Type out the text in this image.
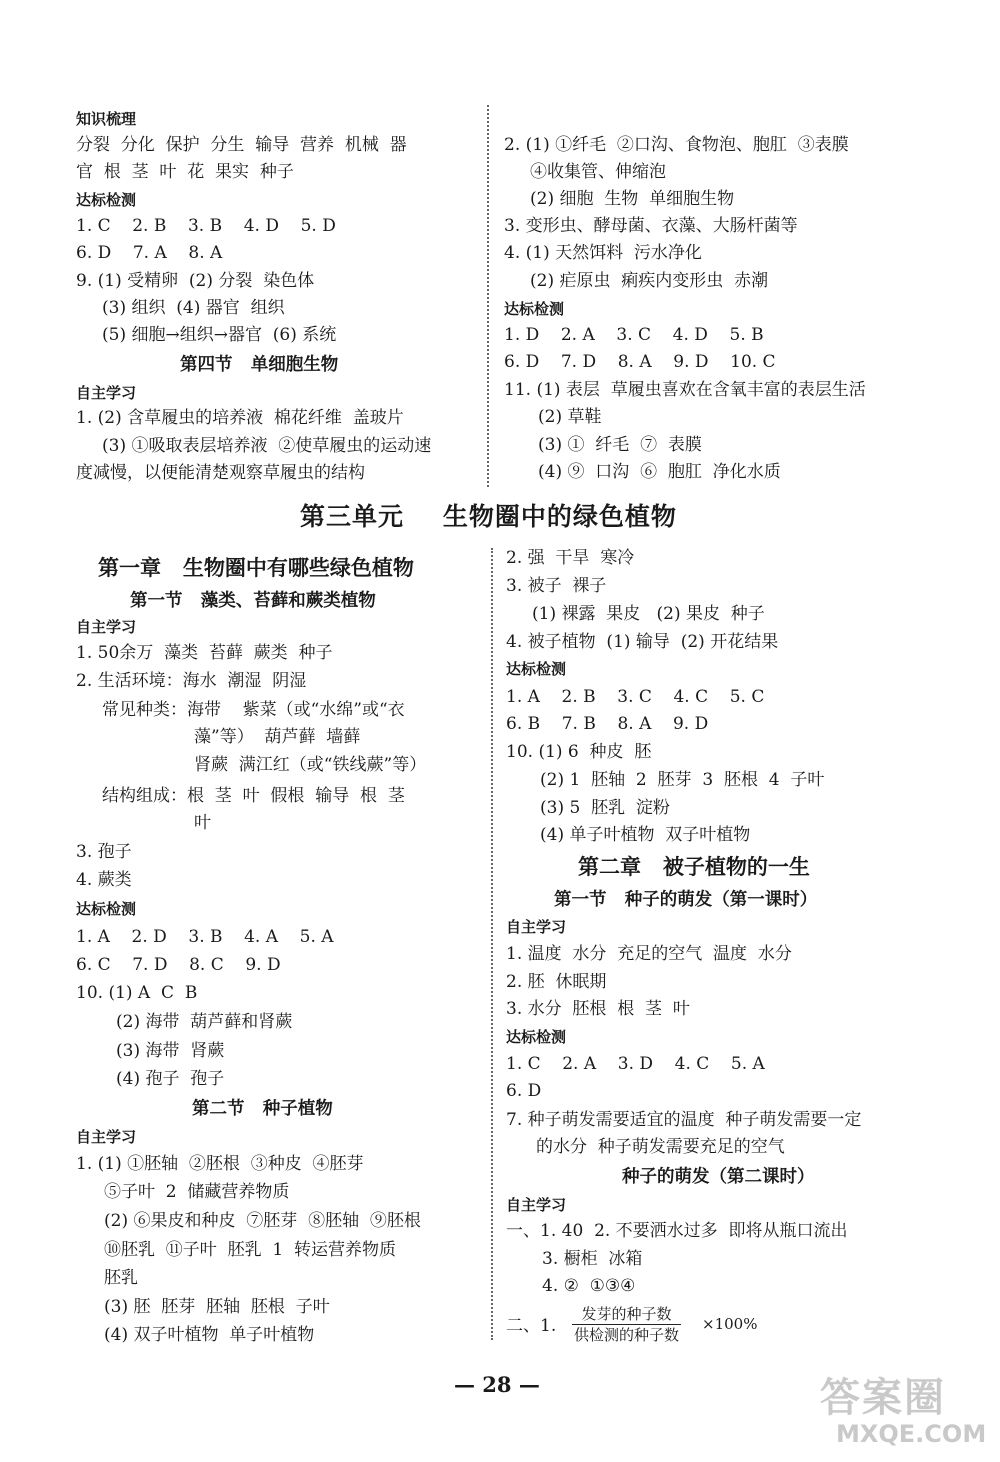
知识梳理
分裂  分化  保护  分生  输导  营养  机械  器
官  根  茎  叶  花  果实  种子
达标检测
1. C    2. B    3. B    4. D    5. D
6. D    7. A    8. A
9. (1) 受精卵  (2) 分裂  染色体
(3) 组织  (4) 器官  组织
(5) 细胞→组织→器官  (6) 系统
第四节   单细胞生物
自主学习
1. (2) 含草履虫的培养液  棉花纤维  盖玻片
(3) ①吸取表层培养液  ②使草履虫的运动速
度减慢，以便能清楚观察草履虫的结构
2. (1) ①纤毛  ②口沟、食物泡、胞肛  ③表膜
④收集管、伸缩泡
(2) 细胞  生物  单细胞生物
3. 变形虫、酵母菌、衣藻、大肠杆菌等
4. (1) 天然饵料  污水净化
(2) 疟原虫  痢疾内变形虫  赤潮
达标检测
1. D    2. A    3. C    4. D    5. B
6. D    7. D    8. A    9. D    10. C
11. (1) 表层  草履虫喜欢在含氧丰富的表层生活
(2) 草鞋
(3) ①  纤毛  ⑦  表膜
(4) ⑨  口沟  ⑥  胞肛  净化水质
第三单元    生物圈中的绿色植物
第一章   生物圈中有哪些绿色植物
第一节   藻类、苔藓和蕨类植物
自主学习
1. 50余万  藻类  苔藓  蕨类  种子
2. 生活环境：海水  潮湿  阴湿
常见种类：海带    紫菜（或“水绵”或“衣
藻”等）  葫芦藓  墙藓
肾蕨  满江红（或“铁线蕨”等）
结构组成：根  茎  叶  假根  输导  根  茎
叶
3. 孢子
4. 蕨类
达标检测
1. A    2. D    3. B    4. A    5. A
6. C    7. D    8. C    9. D
10. (1) A  C  B
(2) 海带  葫芦藓和肾蕨
(3) 海带  肾蕨
(4) 孢子  孢子
第二节   种子植物
自主学习
1. (1) ①胚轴  ②胚根  ③种皮  ④胚芽
⑤子叶  2  储藏营养物质
(2) ⑥果皮和种皮  ⑦胚芽  ⑧胚轴  ⑨胚根
⑩胚乳  ⑪子叶  胚乳  1  转运营养物质
胚乳
(3) 胚  胚芽  胚轴  胚根  子叶
(4) 双子叶植物  单子叶植物
2. 强  干旱  寒冷
3. 被子  裸子
(1) 裸露  果皮   (2) 果皮  种子
4. 被子植物  (1) 输导  (2) 开花结果
达标检测
1. A    2. B    3. C    4. C    5. C
6. B    7. B    8. A    9. D
10. (1) 6  种皮  胚
(2) 1  胚轴  2  胚芽  3  胚根  4  子叶
(3) 5  胚乳  淀粉
(4) 单子叶植物  双子叶植物
第二章   被子植物的一生
第一节   种子的萌发（第一课时）
自主学习
1. 温度  水分  充足的空气  温度  水分
2. 胚  休眠期
3. 水分  胚根  根  茎  叶
达标检测
1. C    2. A    3. D    4. C    5. A
6. D
7. 种子萌发需要适宜的温度  种子萌发需要一定
的水分  种子萌发需要充足的空气
种子的萌发（第二课时）
自主学习
一、1. 40  2. 不要洒水过多  即将从瓶口流出
3. 橱柜  冰箱
4. ②  ①③④
二、1.
发芽的种子数
供检测的种子数
×100%
— 28 —	答案圈
MXQE.COM
